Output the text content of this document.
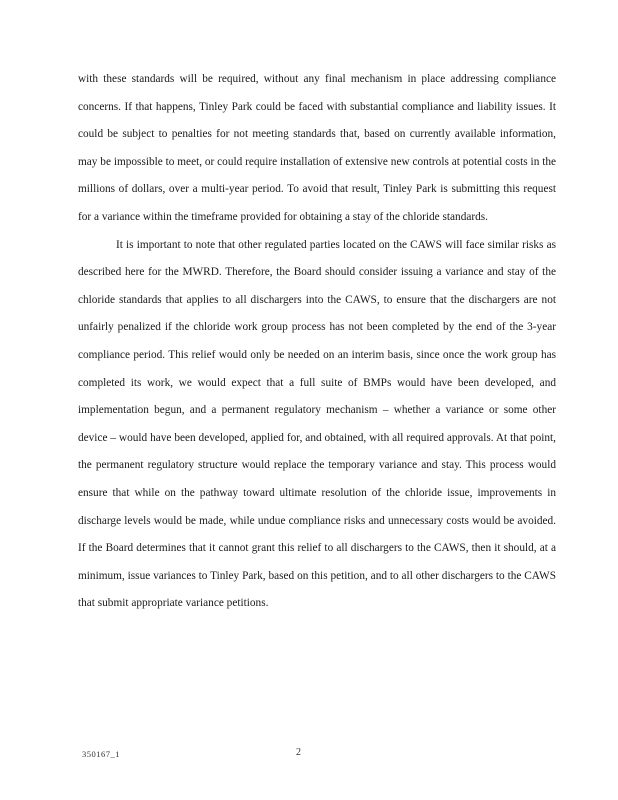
with these standards will be required, without any final mechanism in place addressing compliance concerns. If that happens, Tinley Park could be faced with substantial compliance and liability issues. It could be subject to penalties for not meeting standards that, based on currently available information, may be impossible to meet, or could require installation of extensive new controls at potential costs in the millions of dollars, over a multi-year period. To avoid that result, Tinley Park is submitting this request for a variance within the timeframe provided for obtaining a stay of the chloride standards.

It is important to note that other regulated parties located on the CAWS will face similar risks as described here for the MWRD. Therefore, the Board should consider issuing a variance and stay of the chloride standards that applies to all dischargers into the CAWS, to ensure that the dischargers are not unfairly penalized if the chloride work group process has not been completed by the end of the 3-year compliance period. This relief would only be needed on an interim basis, since once the work group has completed its work, we would expect that a full suite of BMPs would have been developed, and implementation begun, and a permanent regulatory mechanism – whether a variance or some other device – would have been developed, applied for, and obtained, with all required approvals. At that point, the permanent regulatory structure would replace the temporary variance and stay. This process would ensure that while on the pathway toward ultimate resolution of the chloride issue, improvements in discharge levels would be made, while undue compliance risks and unnecessary costs would be avoided. If the Board determines that it cannot grant this relief to all dischargers to the CAWS, then it should, at a minimum, issue variances to Tinley Park, based on this petition, and to all other dischargers to the CAWS that submit appropriate variance petitions.

350167_1	2
